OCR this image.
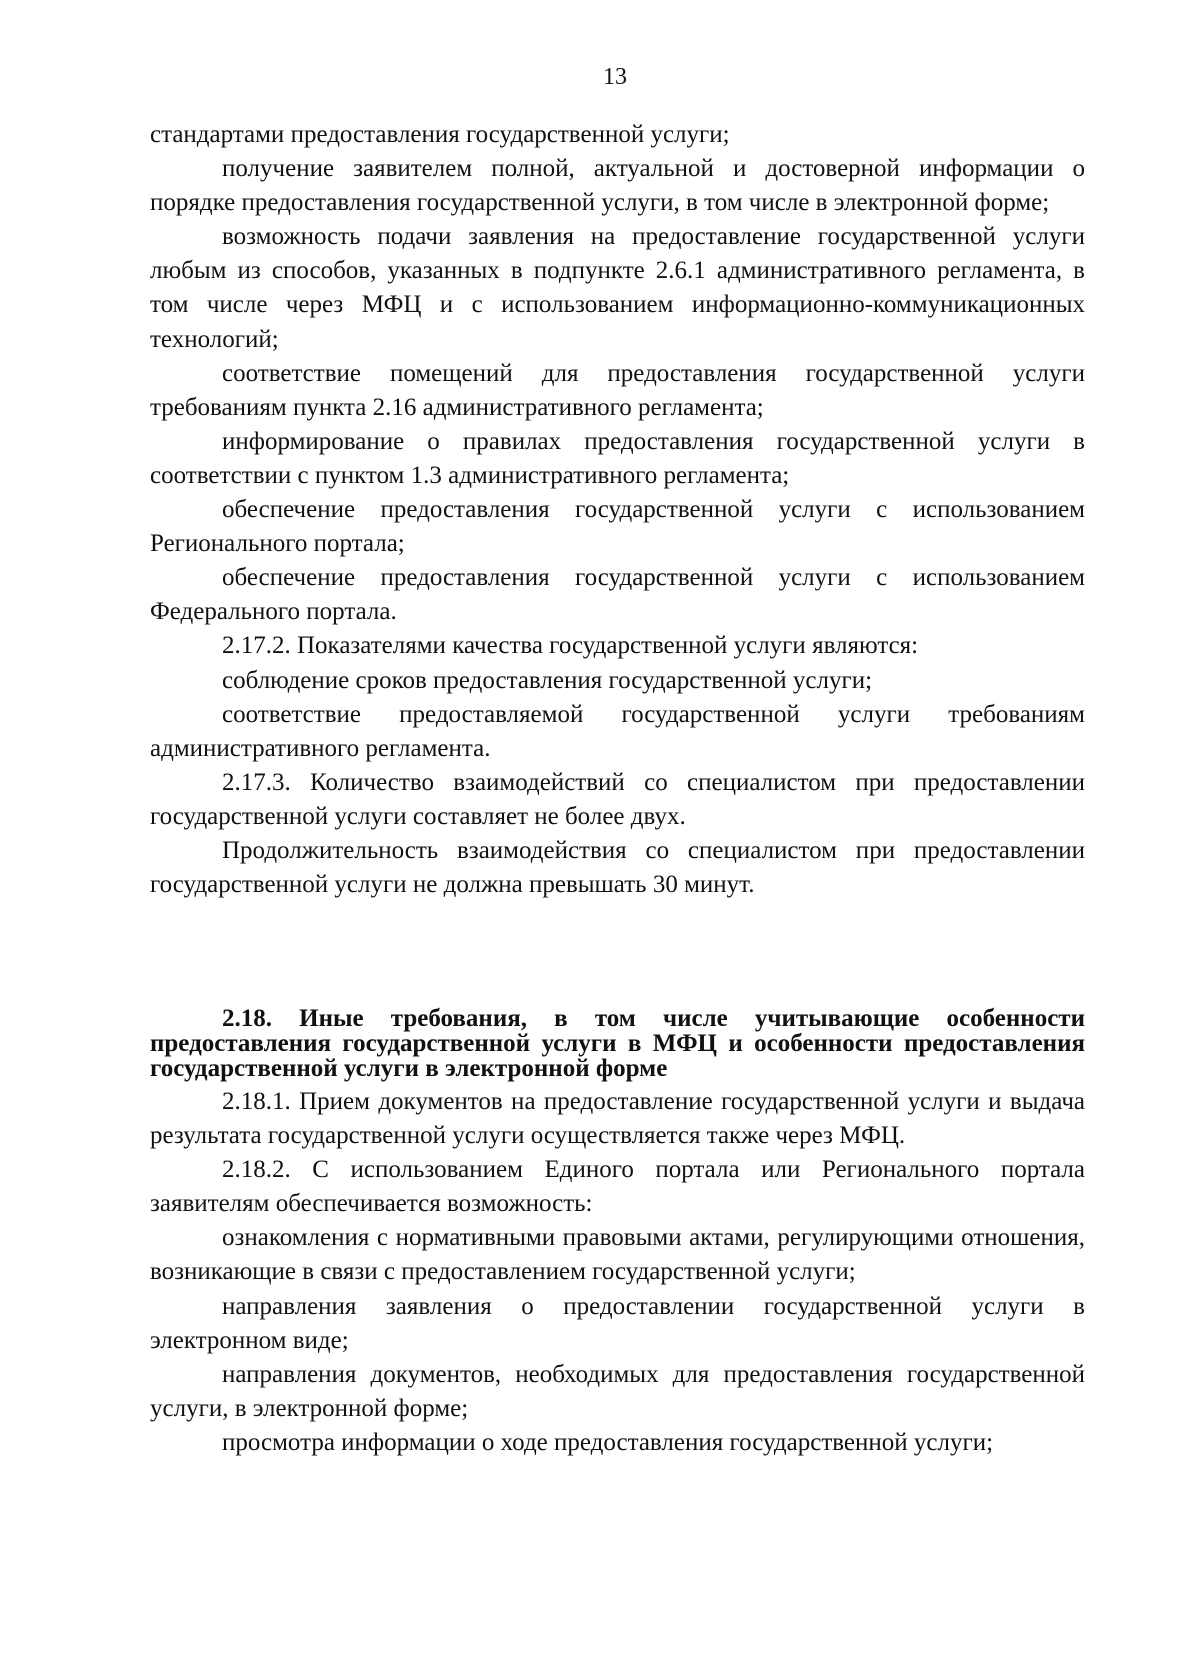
13

стандартами предоставления государственной услуги;

получение заявителем полной, актуальной и достоверной информации о порядке предоставления государственной услуги, в том числе в электронной форме;

возможность подачи заявления на предоставление государственной услуги любым из способов, указанных в подпункте 2.6.1 административного регламента, в том числе через МФЦ и с использованием информационно-коммуникационных технологий;

соответствие помещений для предоставления государственной услуги требованиям пункта 2.16 административного регламента;

информирование о правилах предоставления государственной услуги в соответствии с пунктом 1.3 административного регламента;

обеспечение предоставления государственной услуги с использованием Регионального портала;

обеспечение предоставления государственной услуги с использованием Федерального портала.

2.17.2. Показателями качества государственной услуги являются:

соблюдение сроков предоставления государственной услуги;

соответствие предоставляемой государственной услуги требованиям административного регламента.

2.17.3. Количество взаимодействий со специалистом при предоставлении государственной услуги составляет не более двух.

Продолжительность взаимодействия со специалистом при предоставлении государственной услуги не должна превышать 30 минут.

2.18. Иные требования, в том числе учитывающие особенности предоставления государственной услуги в МФЦ и особенности предоставления государственной услуги в электронной форме

2.18.1. Прием документов на предоставление государственной услуги и выдача результата государственной услуги осуществляется также через МФЦ.

2.18.2. С использованием Единого портала или Регионального портала заявителям обеспечивается возможность:

ознакомления с нормативными правовыми актами, регулирующими отношения, возникающие в связи с предоставлением государственной услуги;

направления заявления о предоставлении государственной услуги в электронном виде;

направления документов, необходимых для предоставления государственной услуги, в электронной форме;

просмотра информации о ходе предоставления государственной услуги;
